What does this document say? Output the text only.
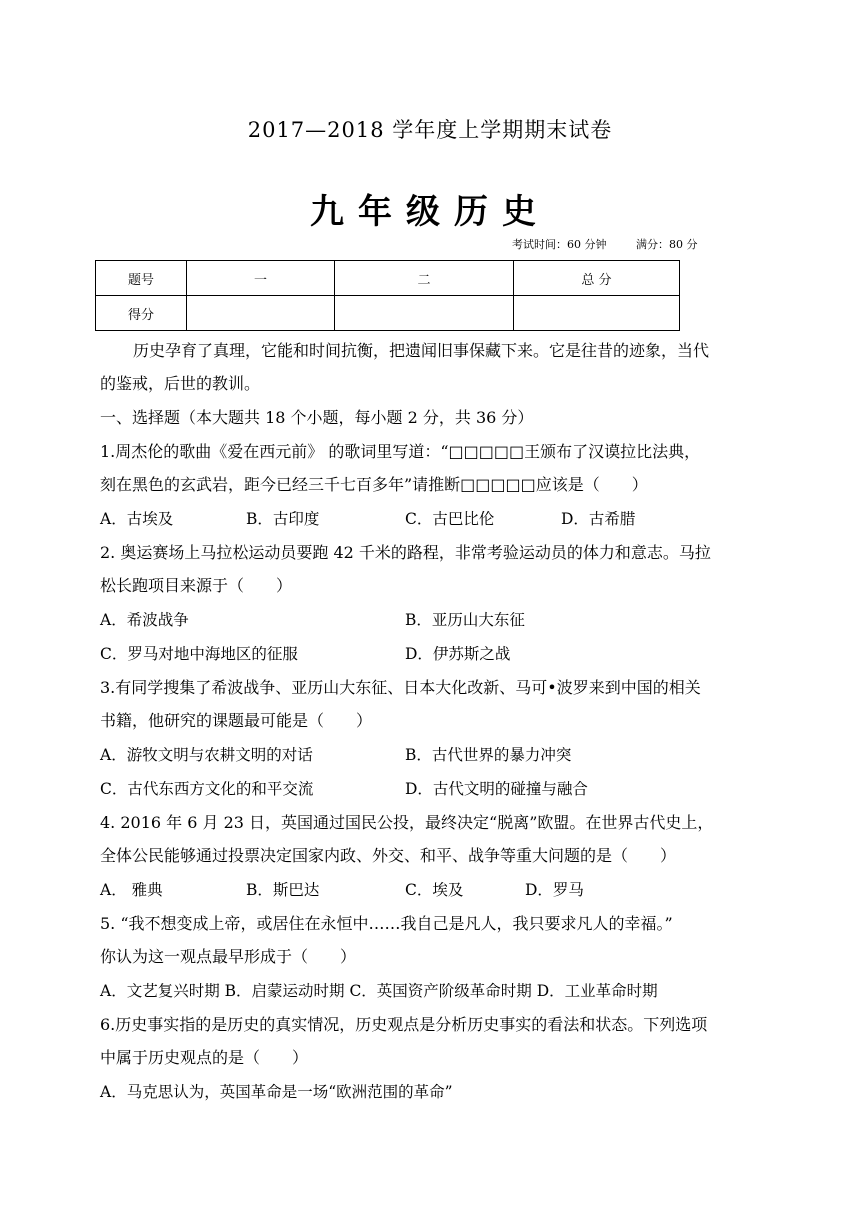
2017—2018 学年度上学期期末试卷
九年级历史
考试时间：60 分钟	满分：80 分
题号	一	二	总 分
得分			
历史孕育了真理，它能和时间抗衡，把遗闻旧事保藏下来。它是往昔的迹象，当代
的鉴戒，后世的教训。
一、选择题（本大题共 18 个小题，每小题 2 分，共 36 分）
1.周杰伦的歌曲《爱在西元前》 的歌词里写道：“□□□□□王颁布了汉谟拉比法典，
刻在黑色的玄武岩，距今已经三千七百多年”请推断□□□□□应该是（　　）
A．古埃及	B．古印度	C．古巴比伦	D．古希腊
2. 奥运赛场上马拉松运动员要跑 42 千米的路程，非常考验运动员的体力和意志。马拉
松长跑项目来源于（　　）
A．希波战争	B．亚历山大东征
C．罗马对地中海地区的征服	D．伊苏斯之战
3.有同学搜集了希波战争、亚历山大东征、日本大化改新、马可•波罗来到中国的相关
书籍，他研究的课题最可能是（　　）
A．游牧文明与农耕文明的对话	B．古代世界的暴力冲突
C．古代东西方文化的和平交流	D．古代文明的碰撞与融合
4. 2016 年 6 月 23 日，英国通过国民公投，最终决定“脱离”欧盟。在世界古代史上，
全体公民能够通过投票决定国家内政、外交、和平、战争等重大问题的是（　　）
A． 雅典	B．斯巴达	C．埃及	D．罗马
5. “我不想变成上帝，或居住在永恒中……我自己是凡人，我只要求凡人的幸福。”
你认为这一观点最早形成于（　　）
A．文艺复兴时期 B．启蒙运动时期 C．英国资产阶级革命时期 D．工业革命时期
6.历史事实指的是历史的真实情况，历史观点是分析历史事实的看法和状态。下列选项
中属于历史观点的是（　　）
A．马克思认为，英国革命是一场“欧洲范围的革命”
